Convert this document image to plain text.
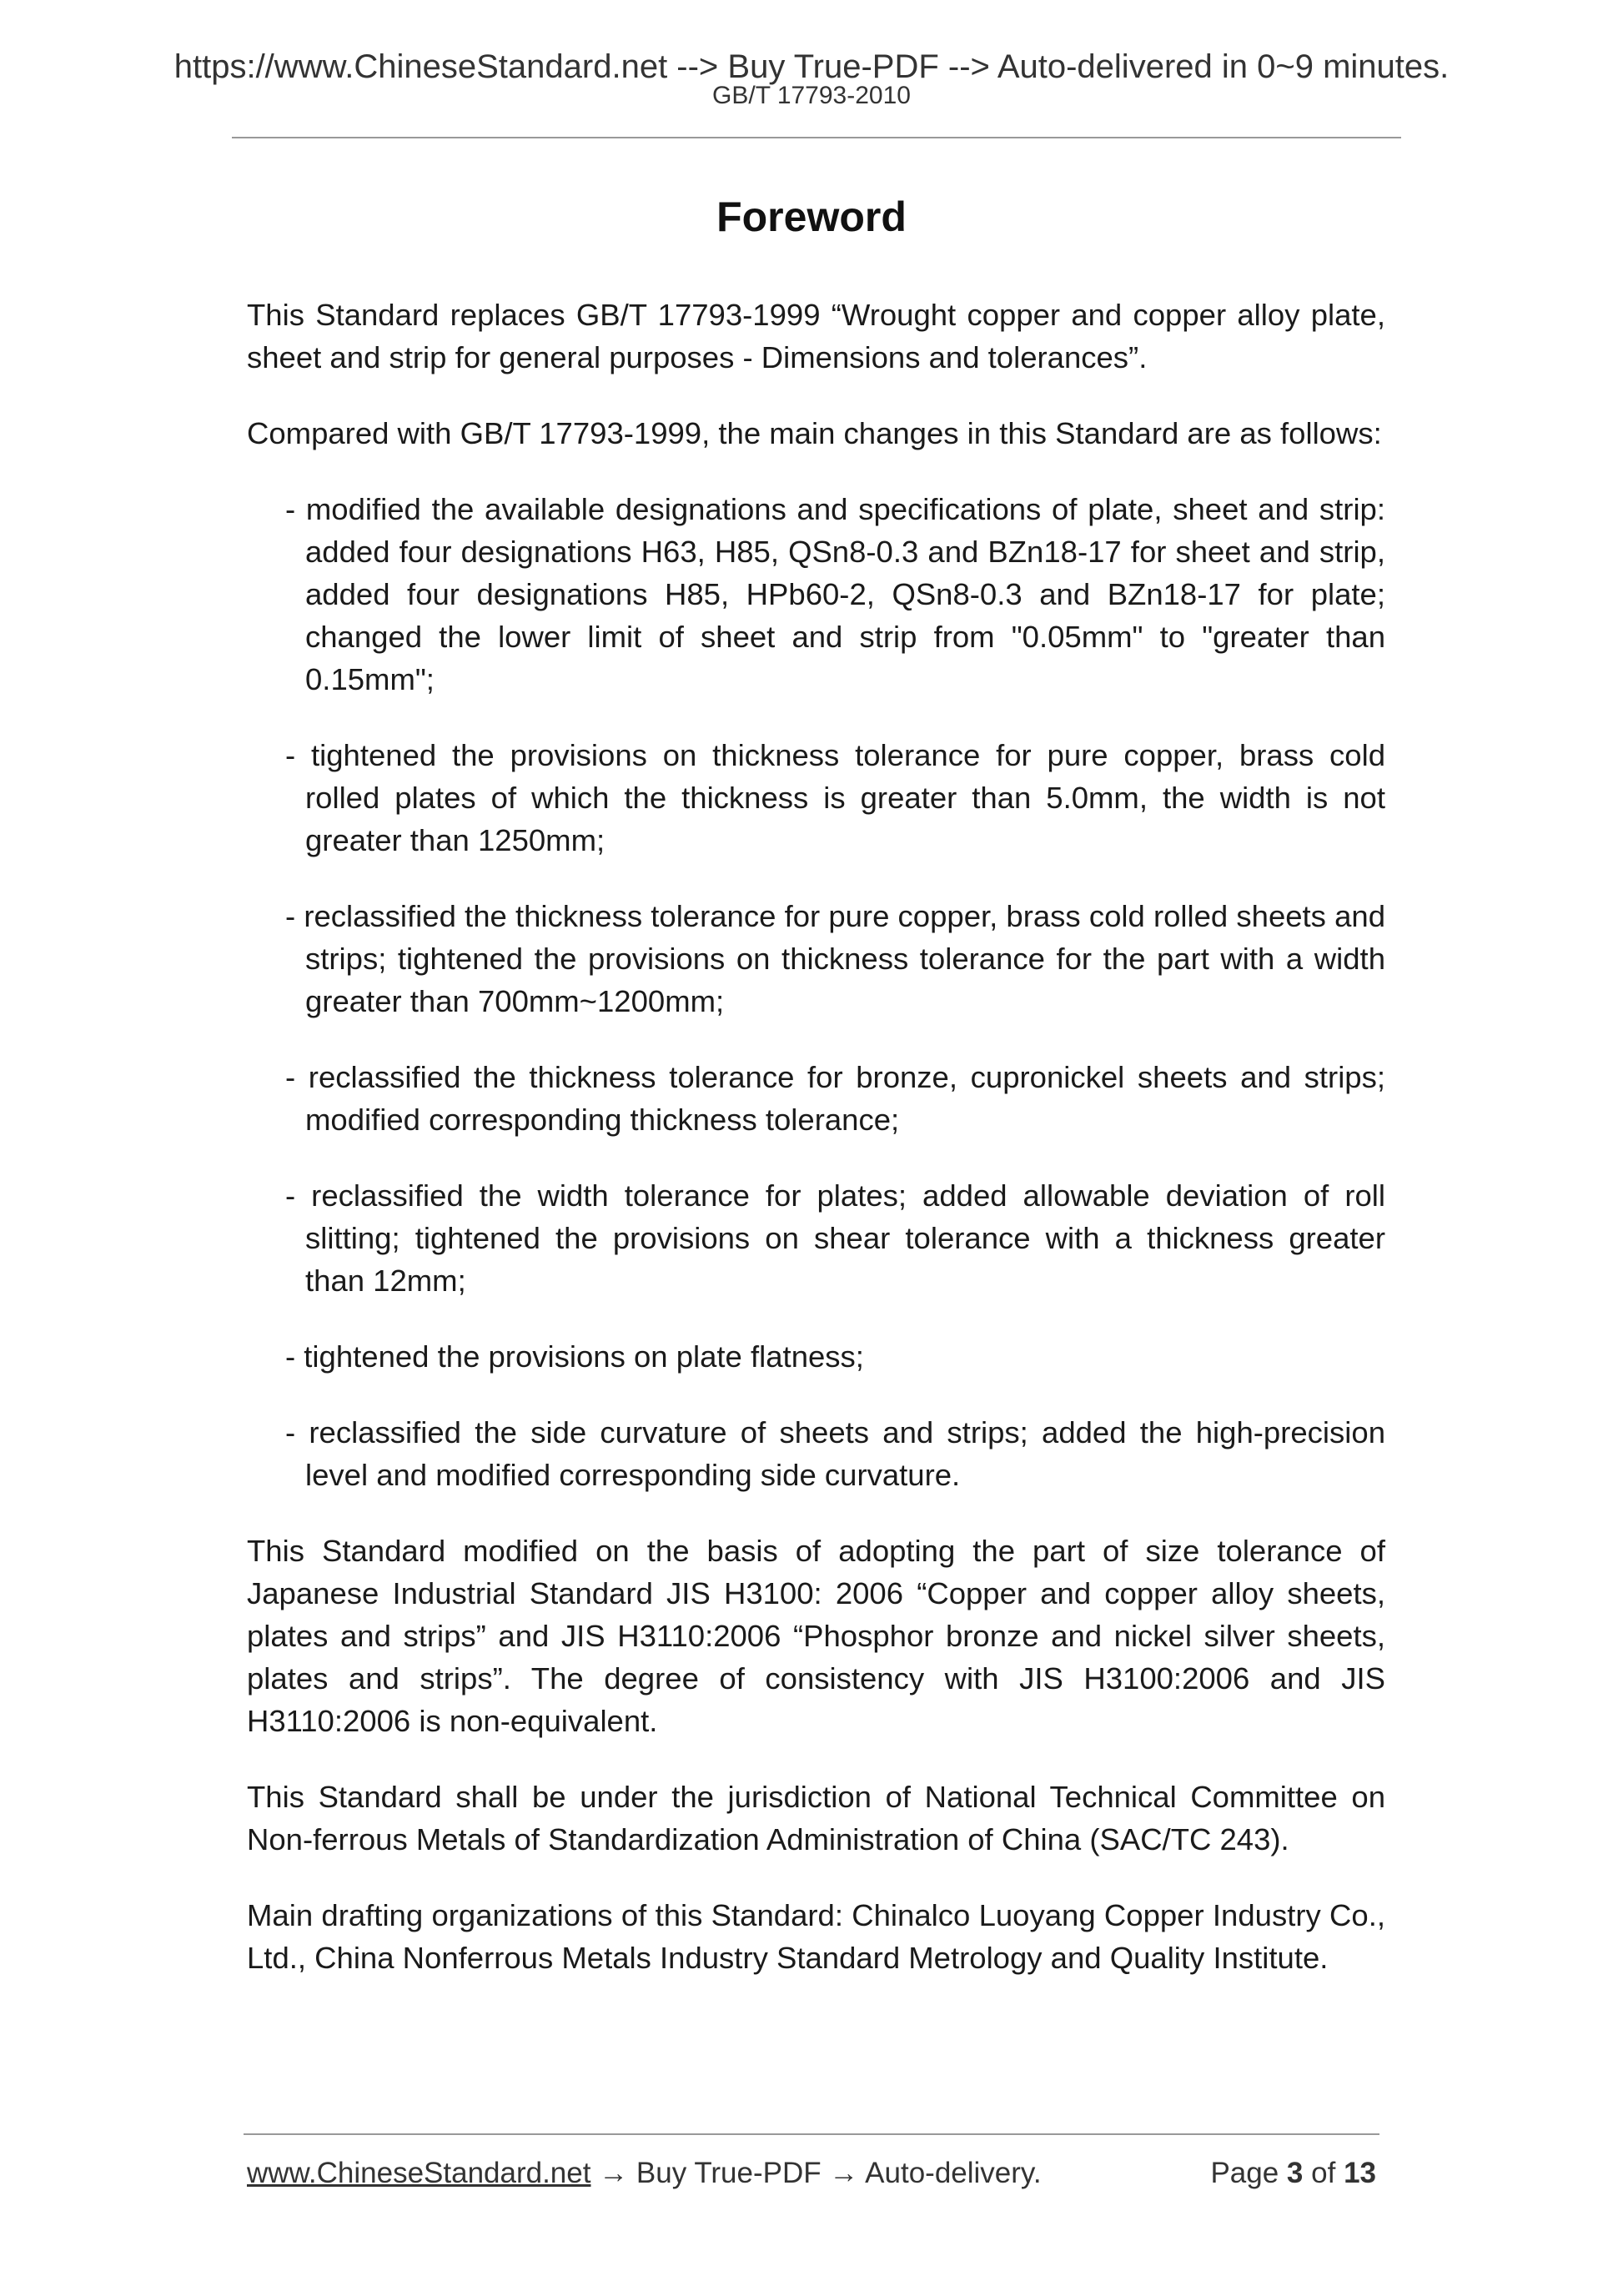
https://www.ChineseStandard.net --> Buy True-PDF --> Auto-delivered in 0~9 minutes.
GB/T 17793-2010
Foreword

This Standard replaces GB/T 17793-1999 “Wrought copper and copper alloy plate, sheet and strip for general purposes - Dimensions and tolerances”.

Compared with GB/T 17793-1999, the main changes in this Standard are as follows:

- modified the available designations and specifications of plate, sheet and strip: added four designations H63, H85, QSn8-0.3 and BZn18-17 for sheet and strip, added four designations H85, HPb60-2, QSn8-0.3 and BZn18-17 for plate; changed the lower limit of sheet and strip from "0.05mm" to "greater than 0.15mm";
- tightened the provisions on thickness tolerance for pure copper, brass cold rolled plates of which the thickness is greater than 5.0mm, the width is not greater than 1250mm;
- reclassified the thickness tolerance for pure copper, brass cold rolled sheets and strips; tightened the provisions on thickness tolerance for the part with a width greater than 700mm~1200mm;
- reclassified the thickness tolerance for bronze, cupronickel sheets and strips; modified corresponding thickness tolerance;
- reclassified the width tolerance for plates; added allowable deviation of roll slitting; tightened the provisions on shear tolerance with a thickness greater than 12mm;
- tightened the provisions on plate flatness;
- reclassified the side curvature of sheets and strips; added the high-precision level and modified corresponding side curvature.

This Standard modified on the basis of adopting the part of size tolerance of Japanese Industrial Standard JIS H3100: 2006 “Copper and copper alloy sheets, plates and strips” and JIS H3110:2006 “Phosphor bronze and nickel silver sheets, plates and strips”. The degree of consistency with JIS H3100:2006 and JIS H3110:2006 is non-equivalent.

This Standard shall be under the jurisdiction of National Technical Committee on Non-ferrous Metals of Standardization Administration of China (SAC/TC 243).

Main drafting organizations of this Standard: Chinalco Luoyang Copper Industry Co., Ltd., China Nonferrous Metals Industry Standard Metrology and Quality Institute.

www.ChineseStandard.net → Buy True-PDF → Auto-delivery.	Page 3 of 13
